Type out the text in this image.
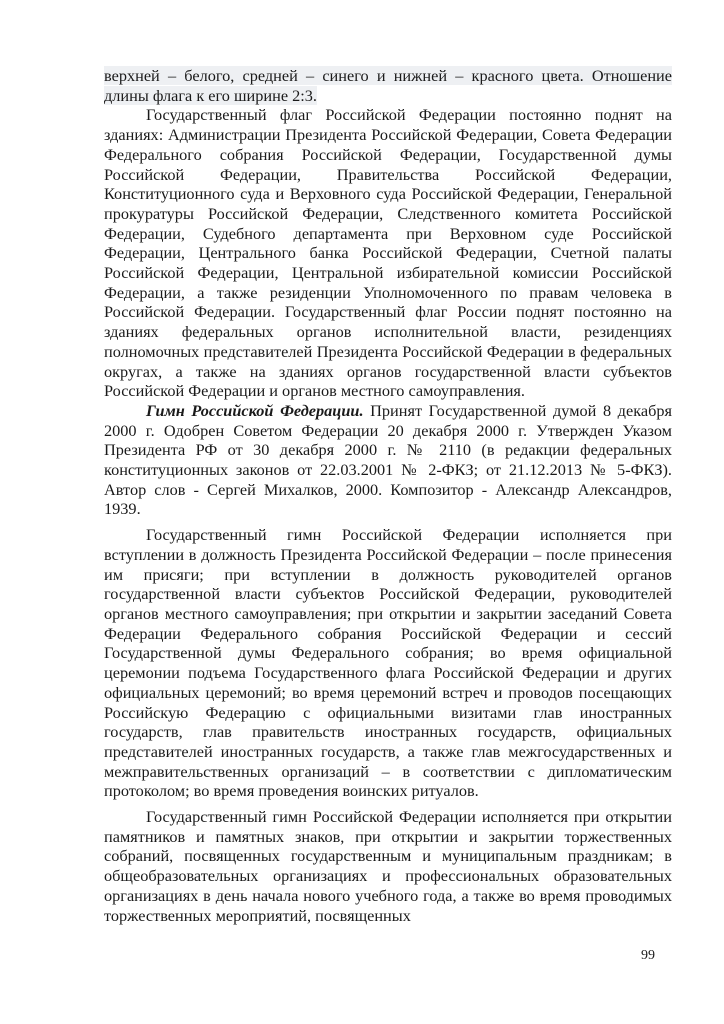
верхней – белого, средней – синего и нижней – красного цвета. Отношение длины флага к его ширине 2:3.

Государственный флаг Российской Федерации постоянно поднят на зданиях: Администрации Президента Российской Федерации, Совета Федерации Федерального собрания Российской Федерации, Государственной думы Российской Федерации, Правительства Российской Федерации, Конституционного суда и Верховного суда Российской Федерации, Генеральной прокуратуры Российской Федерации, Следственного комитета Российской Федерации, Судебного департамента при Верховном суде Российской Федерации, Центрального банка Российской Федерации, Счетной палаты Российской Федерации, Центральной избирательной комиссии Российской Федерации, а также резиденции Уполномоченного по правам человека в Российской Федерации. Государственный флаг России поднят постоянно на зданиях федеральных органов исполнительной власти, резиденциях полномочных представителей Президента Российской Федерации в федеральных округах, а также на зданиях органов государственной власти субъектов Российской Федерации и органов местного самоуправления.

Гимн Российской Федерации. Принят Государственной думой 8 декабря 2000 г. Одобрен Советом Федерации 20 декабря 2000 г. Утвержден Указом Президента РФ от 30 декабря 2000 г. № 2110 (в редакции федеральных конституционных законов от 22.03.2001 № 2-ФКЗ; от 21.12.2013 № 5-ФКЗ). Автор слов - Сергей Михалков, 2000. Композитор - Александр Александров, 1939.

Государственный гимн Российской Федерации исполняется при вступлении в должность Президента Российской Федерации – после принесения им присяги; при вступлении в должность руководителей органов государственной власти субъектов Российской Федерации, руководителей органов местного самоуправления; при открытии и закрытии заседаний Совета Федерации Федерального собрания Российской Федерации и сессий Государственной думы Федерального собрания; во время официальной церемонии подъема Государственного флага Российской Федерации и других официальных церемоний; во время церемоний встреч и проводов посещающих Российскую Федерацию с официальными визитами глав иностранных государств, глав правительств иностранных государств, официальных представителей иностранных государств, а также глав межгосударственных и межправительственных организаций – в соответствии с дипломатическим протоколом; во время проведения воинских ритуалов.

Государственный гимн Российской Федерации исполняется при открытии памятников и памятных знаков, при открытии и закрытии торжественных собраний, посвященных государственным и муниципальным праздникам; в общеобразовательных организациях и профессиональных образовательных организациях в день начала нового учебного года, а также во время проводимых торжественных мероприятий, посвященных

99
